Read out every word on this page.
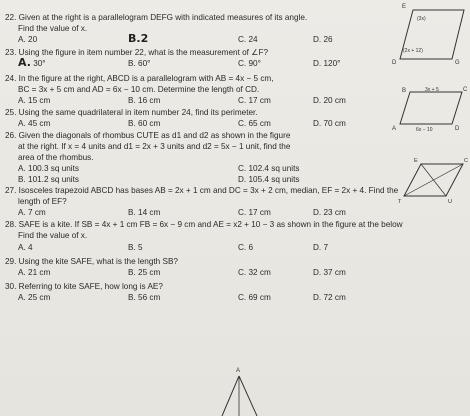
22. Given at the right is a parallelogram DEFG with indicated measures of its angle.
Find the value of x.
A. 20	B.2	C. 24	D. 26
23. Using the figure in item number 22, what is the measurement of ∠F?
A. 30°	B. 60°	C. 90°	D. 120°
24. In the figure at the right, ABCD is a parallelogram with AB = 4x − 5 cm,
BC = 3x + 5 cm and AD = 6x − 10 cm. Determine the length of CD.
A. 15 cm	B. 16 cm	C. 17 cm	D. 20 cm
25. Using the same quadrilateral in item number 24, find its perimeter.
A. 45 cm	B. 60 cm	C. 65 cm	D. 70 cm
26. Given the diagonals of rhombus CUTE as d1 and d2 as shown in the figure
at the right. If x = 4 units and d1 = 2x + 3 units and d2 = 5x − 1 unit, find the
area of the rhombus.
A. 100.3 sq units	C. 102.4 sq units
B. 101.2 sq units	D. 105.4 sq units
27. Isosceles trapezoid ABCD has bases AB = 2x + 1 cm and DC = 3x + 2 cm, median, EF = 2x + 4. Find the
length of EF?
A. 7 cm	B. 14 cm	C. 17 cm	D. 23 cm
28. SAFE is a kite. If SB = 4x + 1 cm FB = 6x − 9 cm and AE = x2 + 10 − 3 as shown in the figure at the below
Find the value of x.
A. 4	B. 5	C. 6	D. 7
29. Using the kite SAFE, what is the length SB?
A. 21 cm	B. 25 cm	C. 32 cm	D. 37 cm
30. Referring to kite SAFE, how long is AE?
A. 25 cm	B. 56 cm	C. 69 cm	D. 72 cm
E
D	G
(3x)
(2x + 12)
B	C
A	D
3x + 5
6x − 10
E	C
T	U
A
